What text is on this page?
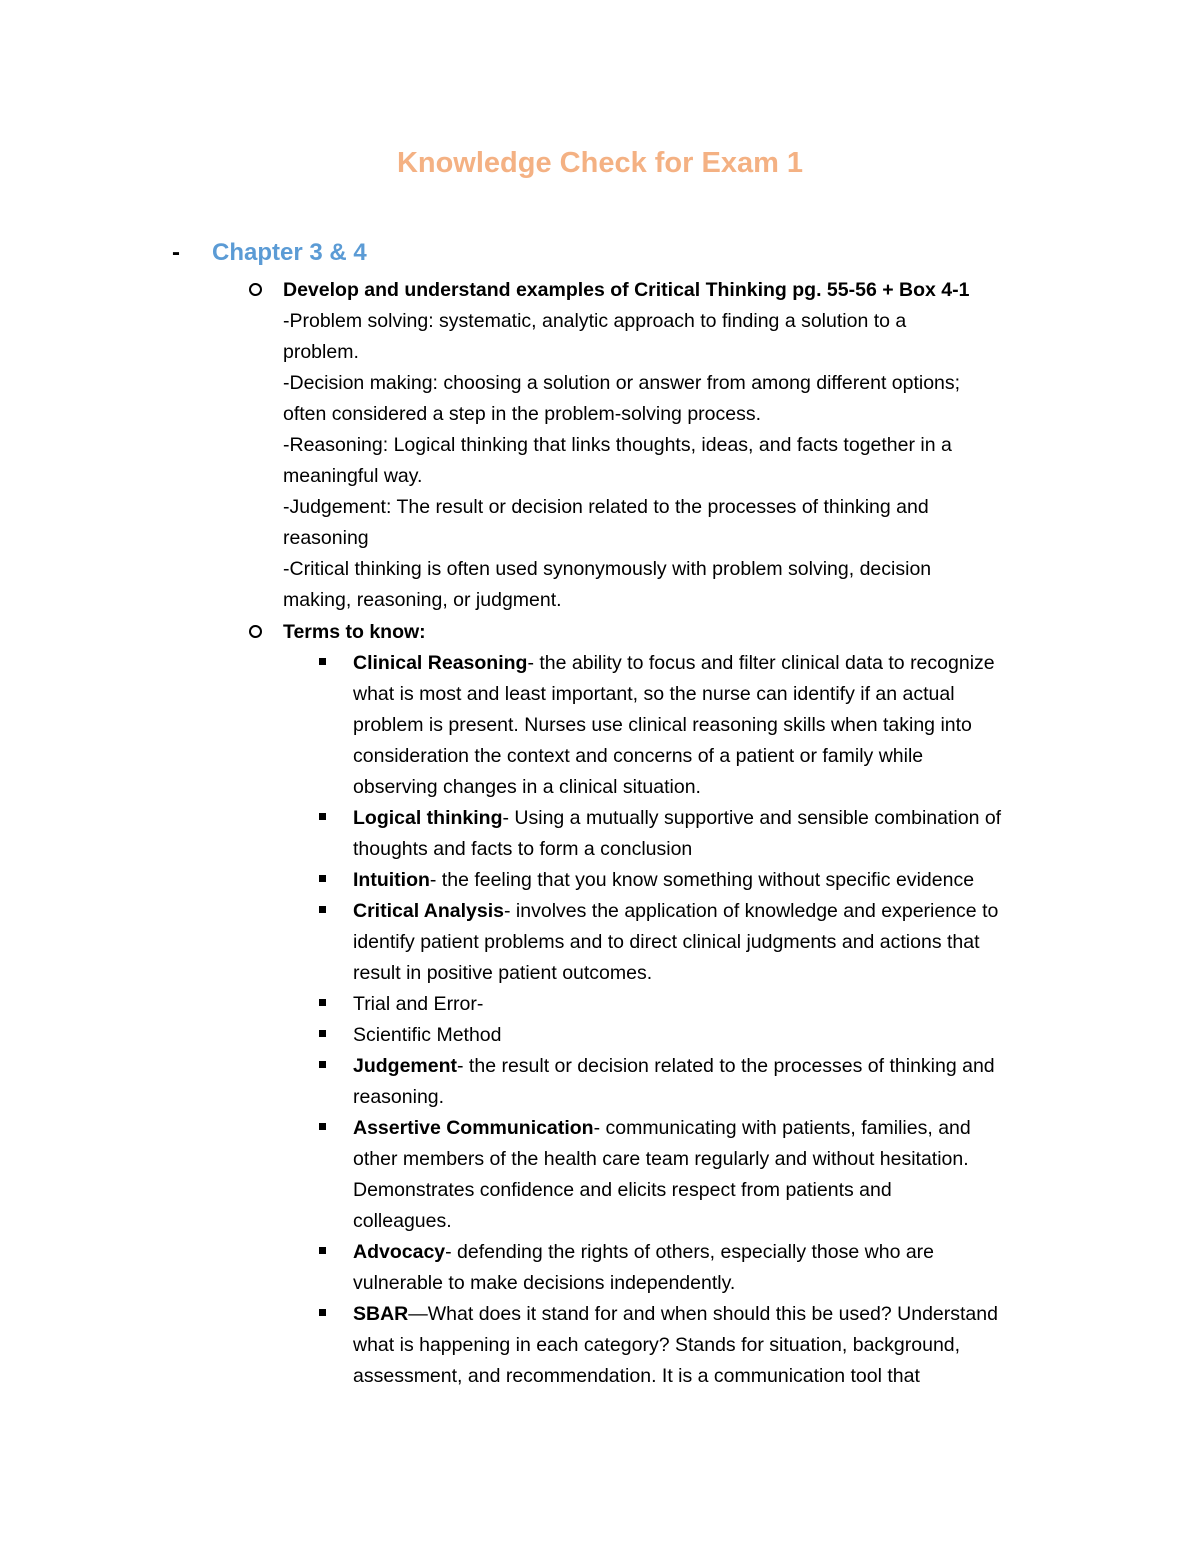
Knowledge Check for Exam 1
-	Chapter 3 & 4
Develop and understand examples of Critical Thinking pg. 55-56 + Box 4-1
-Problem solving: systematic, analytic approach to finding a solution to a
problem.
-Decision making: choosing a solution or answer from among different options;
often considered a step in the problem-solving process.
-Reasoning: Logical thinking that links thoughts, ideas, and facts together in a
meaningful way.
-Judgement: The result or decision related to the processes of thinking and
reasoning
-Critical thinking is often used synonymously with problem solving, decision
making, reasoning, or judgment.
Terms to know:
Clinical Reasoning- the ability to focus and filter clinical data to recognize
what is most and least important, so the nurse can identify if an actual
problem is present. Nurses use clinical reasoning skills when taking into
consideration the context and concerns of a patient or family while
observing changes in a clinical situation.
Logical thinking- Using a mutually supportive and sensible combination of
thoughts and facts to form a conclusion
Intuition- the feeling that you know something without specific evidence
Critical Analysis- involves the application of knowledge and experience to
identify patient problems and to direct clinical judgments and actions that
result in positive patient outcomes.
Trial and Error-
Scientific Method
Judgement- the result or decision related to the processes of thinking and
reasoning.
Assertive Communication- communicating with patients, families, and
other members of the health care team regularly and without hesitation.
Demonstrates confidence and elicits respect from patients and
colleagues.
Advocacy- defending the rights of others, especially those who are
vulnerable to make decisions independently.
SBAR—What does it stand for and when should this be used? Understand
what is happening in each category? Stands for situation, background,
assessment, and recommendation. It is a communication tool that
